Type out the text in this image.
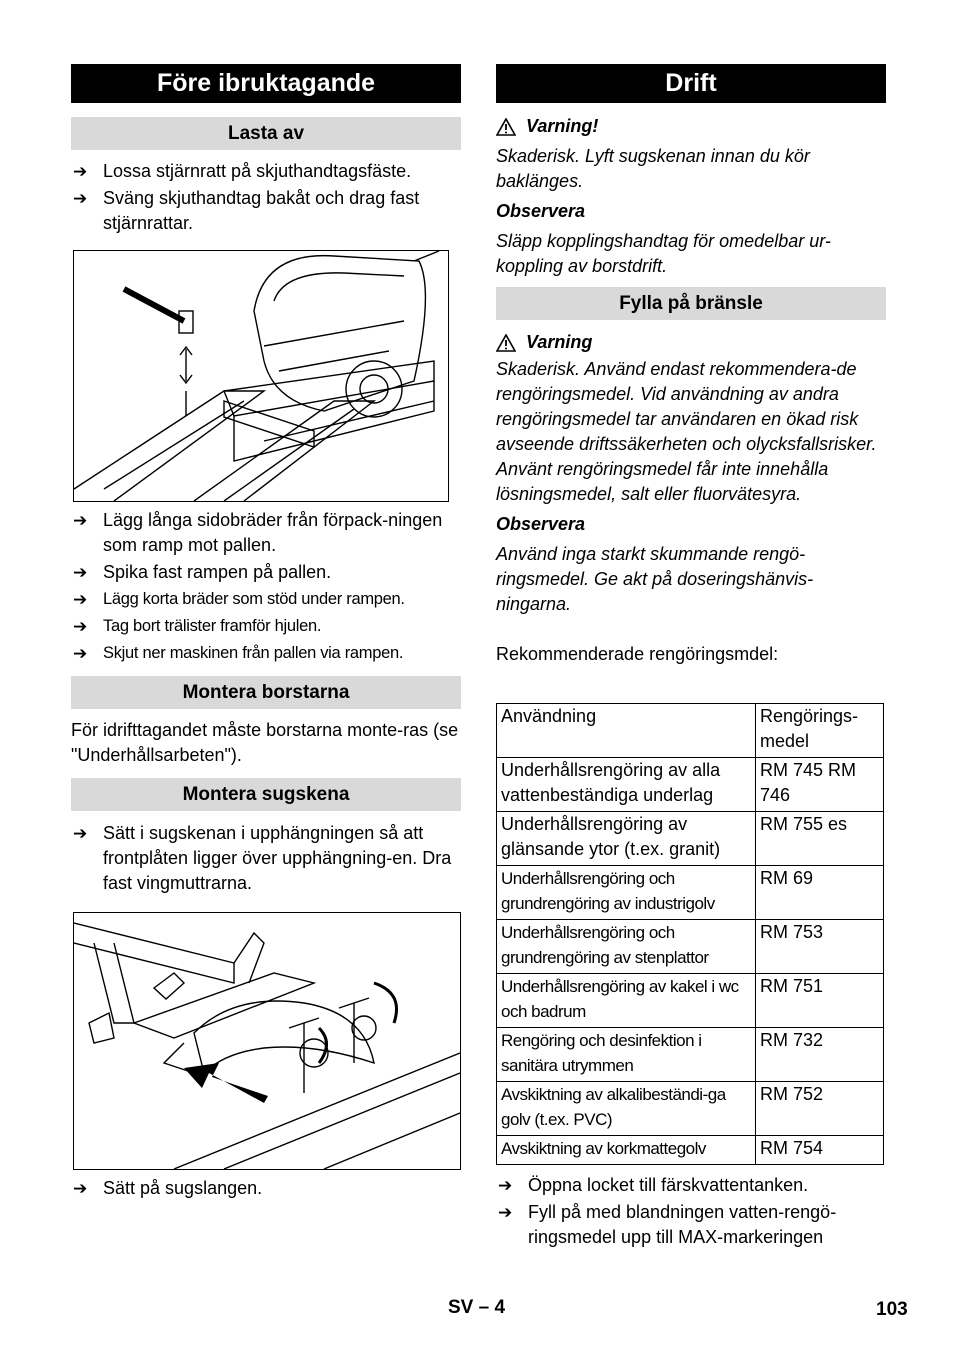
Före ibruktagande
Lasta av
➔ Lossa stjärnratt på skjuthandtagsfäste.
➔ Sväng skjuthandtag bakåt och drag fast stjärnrattar.
➔ Lägg långa sidobräder från förpack-ningen som ramp mot pallen.
➔ Spika fast rampen på pallen.
➔ Lägg korta bräder som stöd under rampen.
➔ Tag bort trälister framför hjulen.
➔ Skjut ner maskinen från pallen via rampen.
Montera borstarna

För idrifttagandet måste borstarna monte-ras (se "Underhållsarbeten").

Montera sugskena
➔ Sätt i sugskenan i upphängningen så att frontplåten ligger över upphängning-en. Dra fast vingmuttrarna.
➔ Sätt på sugslangen.
Drift
Varning!

Skaderisk. Lyft sugskenan innan du kör baklänges.

Observera

Släpp kopplingshandtag för omedelbar ur-koppling av borstdrift.

Fylla på bränsle
Varning

Skaderisk. Använd endast rekommendera-de rengöringsmedel. Vid användning av andra rengöringsmedel tar användaren en ökad risk avseende driftssäkerheten och olycksfallsrisker. Använt rengöringsmedel får inte innehålla lösningsmedel, salt eller fluorvätesyra.

Observera

Använd inga starkt skummande rengö-ringsmedel. Ge akt på doseringshänvis-ningarna.

Rekommenderade rengöringsmdel:

Användning	Rengörings-medel
Underhållsrengöring av alla vattenbeständiga underlag	RM 745 RM 746
Underhållsrengöring av glänsande ytor (t.ex. granit)	RM 755 es
Underhållsrengöring och grundrengöring av industrigolv	RM 69
Underhållsrengöring och grundrengöring av stenplattor	RM 753
Underhållsrengöring av kakel i wc och badrum	RM 751
Rengöring och desinfektion i sanitära utrymmen	RM 732
Avskiktning av alkalibeständi-ga golv (t.ex. PVC)	RM 752
Avskiktning av korkmattegolv	RM 754
➔ Öppna locket till färskvattentanken.
➔ Fyll på med blandningen vatten-rengö-ringsmedel upp till MAX-markeringen
SV – 4	103
